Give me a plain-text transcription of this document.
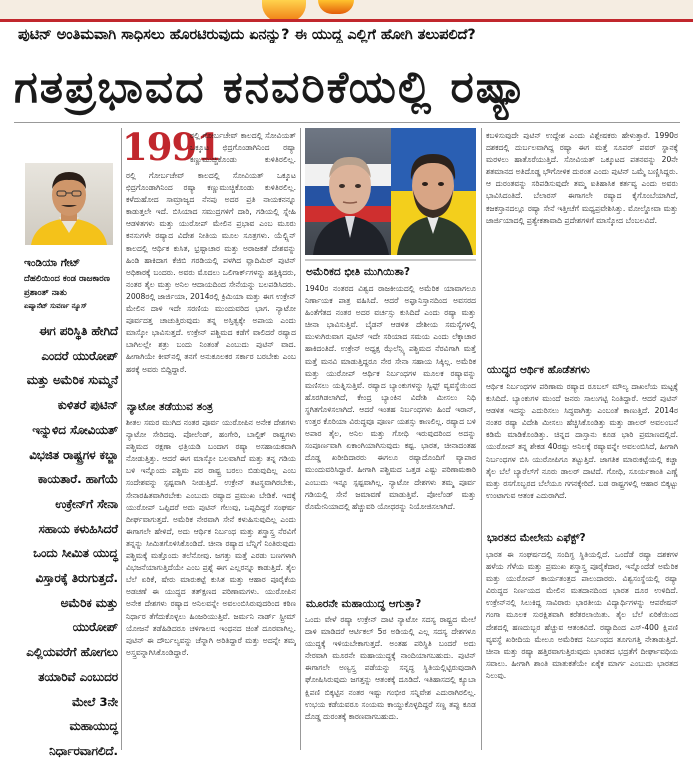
ಪುಟಿನ್ ಅಂತಿಮವಾಗಿ ಸಾಧಿಸಲು ಹೊರಟಿರುವುದು ಏನನ್ನು? ಈ ಯುದ್ಧ ಎಲ್ಲಿಗೆ ಹೋಗಿ ತಲುಪಲಿದೆ?
ಗತಪ್ರಭಾವದ ಕನವರಿಕೆಯಲ್ಲಿ ರಷ್ಯಾ
ಇಂಡಿಯಾ ಗೇಟ್
ದೆಹಲಿಯಿಂದ ಕಂಡ ರಾಜಕಾರಣ
ಪ್ರಶಾಂತ್ ನಾತು
ಏಷ್ಯಾನೆಟ್ ಸುವರ್ಣ ನ್ಯೂಸ್
ಈಗ ಪರಿಸ್ಥಿತಿ ಹೇಗಿದೆ ಎಂದರೆ ಯುರೋಪ್ ಮತ್ತು ಅಮೆರಿಕ ಸುಮ್ಮನೆ ಕುಳಿತರೆ ಪುಟಿನ್ ಇನ್ನುಳಿದ ಸೋವಿಯತ್ ವಿಭಜಿತ ರಾಷ್ಟ್ರಗಳ ಕಬ್ಜಾ ಕಾಯತಾರೆ. ಹಾಗೆಯೆ ಉಕ್ರೇನ್‌ಗೆ ಸೇನಾ ಸಹಾಯ ಕಳುಹಿಸಿದರೆ ಒಂದು ಸೀಮಿತ ಯುದ್ಧ ವಿಸ್ತಾರಕ್ಕೆ ತಿರುಗುತ್ತದೆ. ಅಮೆರಿಕ ಮತ್ತು ಯುರೋಪ್ ಎಲ್ಲಿಯವರೆಗೆ ಹೋಗಲು ತಯಾರಿವೆ ಎಂಬುದರ ಮೇಲೆ 3ನೇ ಮಹಾಯುದ್ಧ ನಿರ್ಧಾರವಾಗಲಿದೆ.
1991
ರಲ್ಲಿ ಗೋರ್ಬಚೇವ್ ಕಾಲದಲ್ಲಿ ಸೋವಿಯತ್ ಒಕ್ಕೂಟ ಛಿದ್ರಗೊಂಡಾಗಿನಿಂದ ರಷ್ಯಾ ಕಣ್ಣುಮುಚ್ಚಿಕೊಂಡು ಕುಳಿತಿರಲಿಲ್ಲ.
ರಲ್ಲಿ ಗೋರ್ಬಚೇವ್ ಕಾಲದಲ್ಲಿ ಸೋವಿಯತ್ ಒಕ್ಕೂಟ ಛಿದ್ರಗೊಂಡಾಗಿನಿಂದ ರಷ್ಯಾ ಕಣ್ಣುಮುಚ್ಚಿಕೊಂಡು ಕುಳಿತಿರಲಿಲ್ಲ. ಕಳೆದುಹೋದ ಸಾಮ್ರಾಜ್ಯದ ನೆನಪು ಅದರ ಪ್ರತಿ ನಾಯಕನನ್ನೂ ಕಾಡುತ್ತಲೇ ಇದೆ. ಬಿಸಿಯಾದ ಸಮುದ್ರಗಳಿಗೆ ದಾರಿ, ಗಡಿಯಲ್ಲಿ ಸ್ನೇಹಿ ಆಡಳಿತಗಳು ಮತ್ತು ಯುರೋಪ್ ಮೇಲಿನ ಪ್ರಭಾವ ಎಂಬ ಮೂರು ಕನಸುಗಳೇ ರಷ್ಯಾದ ವಿದೇಶ ನೀತಿಯ ಮೂಲ ಸೂತ್ರಗಳು. ಯೆಲ್ಟ್ಸಿನ್ ಕಾಲದಲ್ಲಿ ಆರ್ಥಿಕ ಕುಸಿತ, ಭ್ರಷ್ಟಾಚಾರ ಮತ್ತು ಅರಾಜಕತೆ ದೇಶವನ್ನು ಹಿಂಡಿ ಹಾಕಿದಾಗ ಕೆಜಿಬಿ ಗರಡಿಯಲ್ಲಿ ಪಳಗಿದ ವ್ಲಾದಿಮಿರ್ ಪುಟಿನ್ ಅಧಿಕಾರಕ್ಕೆ ಬಂದರು. ಅವರು ಮೊದಲು ಒಲಿಗಾರ್ಕ್‌ಗಳನ್ನು ಹತ್ತಿಕ್ಕಿದರು, ನಂತರ ತೈಲ ಮತ್ತು ಅನಿಲ ಆದಾಯದಿಂದ ಸೇನೆಯನ್ನು ಬಲಪಡಿಸಿದರು. 2008ರಲ್ಲಿ ಜಾರ್ಜಿಯಾ, 2014ರಲ್ಲಿ ಕ್ರಿಮಿಯಾ ಮತ್ತು ಈಗ ಉಕ್ರೇನ್ ಮೇಲಿನ ದಾಳಿ ಇದೇ ಸರಣಿಯ ಮುಂದುವರಿದ ಭಾಗ. ನ್ಯಾಟೋ ಪೂರ್ವದತ್ತ ಚಾಚುತ್ತಿರುವುದು ತನ್ನ ಅಸ್ತಿತ್ವಕ್ಕೇ ಅಪಾಯ ಎಂದು ಮಾಸ್ಕೋ ಭಾವಿಸುತ್ತದೆ. ಉಕ್ರೇನ್ ಪಶ್ಚಿಮದ ಕಡೆಗೆ ವಾಲಿದರೆ ರಷ್ಯಾದ ಬಾಗಿಲಲ್ಲೇ ಶತ್ರು ಬಂದು ನಿಂತಂತೆ ಎಂಬುದು ಪುಟಿನ್ ವಾದ. ಹೀಗಾಗಿಯೇ ಕೀವ್‌ನಲ್ಲಿ ತನಗೆ ಅನುಕೂಲಕರ ಸರ್ಕಾರ ಬರಬೇಕು ಎಂಬ ಹಠಕ್ಕೆ ಅವರು ಬಿದ್ದಿದ್ದಾರೆ.
ನ್ಯಾಟೋ ತಡೆಯುವ ತಂತ್ರ
ಶೀತಲ ಸಮರ ಮುಗಿದ ನಂತರ ಪೂರ್ವ ಯುರೋಪಿನ ಅನೇಕ ದೇಶಗಳು ನ್ಯಾಟೋ ಸೇರಿದವು. ಪೋಲೆಂಡ್, ಹಂಗೇರಿ, ಬಾಲ್ಟಿಕ್ ರಾಷ್ಟ್ರಗಳು ಪಶ್ಚಿಮದ ರಕ್ಷಣಾ ಛತ್ರಿಯಡಿ ಬಂದಾಗ ರಷ್ಯಾ ಅಸಹಾಯಕವಾಗಿ ನೋಡುತ್ತಿತ್ತು. ಆದರೆ ಈಗ ಮಾಸ್ಕೋ ಬಲವಾಗಿದೆ ಮತ್ತು ತನ್ನ ಗಡಿಯ ಬಳಿ ಇನ್ನೊಂದು ಪಶ್ಚಿಮ ಪರ ರಾಷ್ಟ್ರ ಬರಲು ಬಿಡುವುದಿಲ್ಲ ಎಂಬ ಸಂದೇಶವನ್ನು ಸ್ಪಷ್ಟವಾಗಿ ನೀಡುತ್ತಿದೆ. ಉಕ್ರೇನ್ ತಟಸ್ಥವಾಗಿರಬೇಕು, ಸೇನಾರಹಿತವಾಗಿರಬೇಕು ಎಂಬುದು ರಷ್ಯಾದ ಪ್ರಮುಖ ಬೇಡಿಕೆ. ಇದಕ್ಕೆ ಯುರೋಪ್ ಒಪ್ಪಿದರೆ ಅದು ಪುಟಿನ್ ಗೆಲುವು, ಒಪ್ಪದಿದ್ದರೆ ಸಂಘರ್ಷ ದೀರ್ಘವಾಗುತ್ತದೆ. ಅಮೆರಿಕ ನೇರವಾಗಿ ಸೇನೆ ಕಳುಹಿಸುವುದಿಲ್ಲ ಎಂದು ಈಗಾಗಲೇ ಹೇಳಿದೆ, ಅದು ಆರ್ಥಿಕ ನಿರ್ಬಂಧ ಮತ್ತು ಶಸ್ತ್ರಾಸ್ತ್ರ ನೆರವಿಗೆ ತನ್ನನ್ನು ಸೀಮಿತಗೊಳಿಸಿಕೊಂಡಿದೆ. ಚೀನಾ ರಷ್ಯಾದ ಬೆನ್ನಿಗೆ ನಿಂತಿರುವುದು ಪಶ್ಚಿಮಕ್ಕೆ ಮತ್ತೊಂದು ತಲೆನೋವು. ಜಗತ್ತು ಮತ್ತೆ ಎರಡು ಬಣಗಳಾಗಿ ವಿಭಜನೆಯಾಗುತ್ತಿದೆಯೇ ಎಂಬ ಪ್ರಶ್ನೆ ಈಗ ಎಲ್ಲರನ್ನೂ ಕಾಡುತ್ತಿದೆ. ತೈಲ ಬೆಲೆ ಏರಿಕೆ, ಷೇರು ಮಾರುಕಟ್ಟೆ ಕುಸಿತ ಮತ್ತು ಆಹಾರ ಪೂರೈಕೆಯ ಅಡಚಣೆ ಈ ಯುದ್ಧದ ತತ್‌ಕ್ಷಣದ ಪರಿಣಾಮಗಳು. ಯುರೋಪಿನ ಅನೇಕ ದೇಶಗಳು ರಷ್ಯಾದ ಅನಿಲವನ್ನೇ ಅವಲಂಬಿಸಿರುವುದರಿಂದ ಕಠಿಣ ನಿರ್ಧಾರ ತೆಗೆದುಕೊಳ್ಳಲು ಹಿಂಜರಿಯುತ್ತಿವೆ. ಜರ್ಮನಿ ನಾರ್ಡ್ ಸ್ಟ್ರೀಮ್ ಯೋಜನೆ ತಡೆಹಿಡಿದರೂ ಚಳಿಗಾಲದ ಇಂಧನದ ಚಿಂತೆ ದೂರವಾಗಿಲ್ಲ. ಪುಟಿನ್ ಈ ದೌರ್ಬಲ್ಯವನ್ನು ಚೆನ್ನಾಗಿ ಅರಿತಿದ್ದಾರೆ ಮತ್ತು ಅದನ್ನೇ ತಮ್ಮ ಅಸ್ತ್ರವನ್ನಾಗಿಸಿಕೊಂಡಿದ್ದಾರೆ.
ಅಮೆರಿಕದ ಭೀತಿ ಮುಗಿಯಿತಾ?
1940ರ ನಂತರದ ವಿಶ್ವದ ರಾಜಕೀಯದಲ್ಲಿ ಅಮೆರಿಕ ಯಾವಾಗಲೂ ನಿರ್ಣಾಯಕ ಪಾತ್ರ ವಹಿಸಿದೆ. ಆದರೆ ಅಫ್ಘಾನಿಸ್ತಾನದಿಂದ ಅವಸರದ ಹಿಂತೆಗೆತದ ನಂತರ ಅದರ ವರ್ಚಸ್ಸು ಕುಸಿದಿದೆ ಎಂದು ರಷ್ಯಾ ಮತ್ತು ಚೀನಾ ಭಾವಿಸುತ್ತಿವೆ. ಬೈಡನ್ ಆಡಳಿತ ದೇಶೀಯ ಸಮಸ್ಯೆಗಳಲ್ಲಿ ಮುಳುಗಿರುವಾಗ ಪುಟಿನ್ ಇದೇ ಸರಿಯಾದ ಸಮಯ ಎಂದು ಲೆಕ್ಕಾಚಾರ ಹಾಕಿದಂತಿದೆ. ಉಕ್ರೇನ್ ಅಧ್ಯಕ್ಷ ಝೆಲೆನ್ಸ್ಕಿ ಪಶ್ಚಿಮದ ನೆರವಿಗಾಗಿ ಮತ್ತೆ ಮತ್ತೆ ಮನವಿ ಮಾಡುತ್ತಿದ್ದರೂ ನೇರ ಸೇನಾ ಸಹಾಯ ಸಿಕ್ಕಿಲ್ಲ. ಅಮೆರಿಕ ಮತ್ತು ಯುರೋಪ್ ಆರ್ಥಿಕ ನಿರ್ಬಂಧಗಳ ಮೂಲಕ ರಷ್ಯಾವನ್ನು ಮಣಿಸಲು ಯತ್ನಿಸುತ್ತಿವೆ. ರಷ್ಯಾದ ಬ್ಯಾಂಕುಗಳನ್ನು ಸ್ವಿಫ್ಟ್ ವ್ಯವಸ್ಥೆಯಿಂದ ಹೊರಗಿಡಲಾಗಿದೆ, ಕೇಂದ್ರ ಬ್ಯಾಂಕಿನ ವಿದೇಶಿ ಮೀಸಲು ನಿಧಿ ಸ್ಥಗಿತಗೊಳಿಸಲಾಗಿದೆ. ಆದರೆ ಇಂತಹ ನಿರ್ಬಂಧಗಳು ಹಿಂದೆ ಇರಾನ್, ಉತ್ತರ ಕೊರಿಯಾ ವಿರುದ್ಧವೂ ಪೂರ್ಣ ಯಶಸ್ಸು ಕಾಣಲಿಲ್ಲ. ರಷ್ಯಾದ ಬಳಿ ಅಪಾರ ತೈಲ, ಅನಿಲ ಮತ್ತು ಗೋಧಿ ಇರುವುದರಿಂದ ಅದನ್ನು ಸಂಪೂರ್ಣವಾಗಿ ಏಕಾಂಗಿಯಾಗಿಸುವುದು ಕಷ್ಟ. ಭಾರತ, ಚೀನಾದಂತಹ ದೊಡ್ಡ ಖರೀದಿದಾರರು ಈಗಲೂ ರಷ್ಯಾದೊಂದಿಗೆ ವ್ಯಾಪಾರ ಮುಂದುವರಿಸಿದ್ದಾರೆ. ಹೀಗಾಗಿ ಪಶ್ಚಿಮದ ಒತ್ತಡ ಎಷ್ಟು ಪರಿಣಾಮಕಾರಿ ಎಂಬುದು ಇನ್ನೂ ಸ್ಪಷ್ಟವಾಗಿಲ್ಲ. ನ್ಯಾಟೋ ದೇಶಗಳು ತಮ್ಮ ಪೂರ್ವ ಗಡಿಯಲ್ಲಿ ಸೇನೆ ಜಮಾವಣೆ ಮಾಡುತ್ತಿವೆ. ಪೋಲೆಂಡ್ ಮತ್ತು ರೊಮೇನಿಯಾದಲ್ಲಿ ಹೆಚ್ಚುವರಿ ಯೋಧರನ್ನು ನಿಯೋಜಿಸಲಾಗಿದೆ.
ಮೂರನೇ ಮಹಾಯುದ್ಧ ಆಗುತ್ತಾ?
ಒಂದು ವೇಳೆ ರಷ್ಯಾ ಉಕ್ರೇನ್ ದಾಟಿ ನ್ಯಾಟೋ ಸದಸ್ಯ ರಾಷ್ಟ್ರದ ಮೇಲೆ ದಾಳಿ ಮಾಡಿದರೆ ಆರ್ಟಿಕಲ್ 5ರ ಅಡಿಯಲ್ಲಿ ಎಲ್ಲ ಸದಸ್ಯ ದೇಶಗಳೂ ಯುದ್ಧಕ್ಕೆ ಇಳಿಯಬೇಕಾಗುತ್ತದೆ. ಅಂತಹ ಪರಿಸ್ಥಿತಿ ಬಂದರೆ ಅದು ನೇರವಾಗಿ ಮೂರನೇ ಮಹಾಯುದ್ಧಕ್ಕೆ ನಾಂದಿಯಾಗಬಹುದು. ಪುಟಿನ್ ಈಗಾಗಲೇ ಅಣ್ವಸ್ತ್ರ ಪಡೆಯನ್ನು ಸನ್ನದ್ಧ ಸ್ಥಿತಿಯಲ್ಲಿಟ್ಟಿರುವುದಾಗಿ ಘೋಷಿಸಿರುವುದು ಜಗತ್ತನ್ನು ಆತಂಕಕ್ಕೆ ದೂಡಿದೆ. ಇತಿಹಾಸದಲ್ಲಿ ಕ್ಯೂಬಾ ಕ್ಷಿಪಣಿ ಬಿಕ್ಕಟ್ಟಿನ ನಂತರ ಇಷ್ಟು ಗಂಭೀರ ಸನ್ನಿವೇಶ ಎದುರಾಗಿರಲಿಲ್ಲ. ಉಭಯ ಕಡೆಯವರೂ ಸಂಯಮ ಕಾಯ್ದುಕೊಳ್ಳದಿದ್ದರೆ ಸಣ್ಣ ತಪ್ಪು ಕೂಡ ದೊಡ್ಡ ದುರಂತಕ್ಕೆ ಕಾರಣವಾಗಬಹುದು.
ಕಬಳಿಸುವುದೇ ಪುಟಿನ್ ಉದ್ದೇಶ ಎಂದು ವಿಶ್ಲೇಷಕರು ಹೇಳುತ್ತಾರೆ. 1990ರ ದಶಕದಲ್ಲಿ ದುರ್ಬಲವಾಗಿದ್ದ ರಷ್ಯಾ ಈಗ ಮತ್ತೆ ಸೂಪರ್ ಪವರ್ ಸ್ಥಾನಕ್ಕೆ ಮರಳಲು ಹಾತೊರೆಯುತ್ತಿದೆ. ಸೋವಿಯತ್ ಒಕ್ಕೂಟದ ಪತನವನ್ನು 20ನೇ ಶತಮಾನದ ಅತಿದೊಡ್ಡ ಭೌಗೋಳಿಕ ದುರಂತ ಎಂದು ಪುಟಿನ್ ಒಮ್ಮೆ ಬಣ್ಣಿಸಿದ್ದರು. ಆ ದುರಂತವನ್ನು ಸರಿಪಡಿಸುವುದೇ ತಮ್ಮ ಐತಿಹಾಸಿಕ ಕರ್ತವ್ಯ ಎಂದು ಅವರು ಭಾವಿಸಿದಂತಿದೆ. ಬೆಲಾರಸ್ ಈಗಾಗಲೇ ರಷ್ಯಾದ ಕೈಗೊಂಬೆಯಾಗಿದೆ, ಕಜಕಸ್ತಾನದಲ್ಲೂ ರಷ್ಯಾ ಸೇನೆ ಇತ್ತೀಚೆಗೆ ಮಧ್ಯಪ್ರವೇಶಿಸಿತ್ತು. ಮೋಲ್ಡೋವಾ ಮತ್ತು ಜಾರ್ಜಿಯಾದಲ್ಲಿ ಪ್ರತ್ಯೇಕತಾವಾದಿ ಪ್ರದೇಶಗಳಿಗೆ ಮಾಸ್ಕೋದ ಬೆಂಬಲವಿದೆ.
ಯುದ್ಧದ ಆರ್ಥಿಕ ಹೊಡೆತಗಳು
ಆರ್ಥಿಕ ನಿರ್ಬಂಧಗಳ ಪರಿಣಾಮ ರಷ್ಯಾದ ರೂಬಲ್ ಮೌಲ್ಯ ದಾಖಲೆಯ ಮಟ್ಟಕ್ಕೆ ಕುಸಿದಿದೆ. ಬ್ಯಾಂಕುಗಳ ಮುಂದೆ ಜನರು ಸಾಲುಗಟ್ಟಿ ನಿಂತಿದ್ದಾರೆ. ಆದರೆ ಪುಟಿನ್ ಆಡಳಿತ ಇದನ್ನು ಎದುರಿಸಲು ಸಿದ್ಧವಾಗಿತ್ತು ಎಂಬಂತೆ ಕಾಣುತ್ತಿದೆ. 2014ರ ನಂತರ ರಷ್ಯಾ ವಿದೇಶಿ ಮೀಸಲು ಹೆಚ್ಚಿಸಿಕೊಂಡಿತ್ತು ಮತ್ತು ಡಾಲರ್ ಅವಲಂಬನೆ ಕಡಿಮೆ ಮಾಡಿಕೊಂಡಿತ್ತು. ಚಿನ್ನದ ದಾಸ್ತಾನು ಕೂಡ ಭಾರಿ ಪ್ರಮಾಣದಲ್ಲಿದೆ. ಯುರೋಪ್ ತನ್ನ ಶೇಕಡ 40ರಷ್ಟು ಅನಿಲಕ್ಕೆ ರಷ್ಯಾವನ್ನೇ ಅವಲಂಬಿಸಿದೆ, ಹೀಗಾಗಿ ನಿರ್ಬಂಧಗಳ ಬಿಸಿ ಯುರೋಪಿಗೂ ತಟ್ಟುತ್ತಿದೆ. ಜಾಗತಿಕ ಮಾರುಕಟ್ಟೆಯಲ್ಲಿ ಕಚ್ಚಾ ತೈಲ ಬೆಲೆ ಬ್ಯಾರೆಲ್‌ಗೆ ನೂರು ಡಾಲರ್ ದಾಟಿದೆ. ಗೋಧಿ, ಸೂರ್ಯಕಾಂತಿ ಎಣ್ಣೆ ಮತ್ತು ರಸಗೊಬ್ಬರದ ಬೆಲೆಯೂ ಗಗನಕ್ಕೇರಿದೆ. ಬಡ ರಾಷ್ಟ್ರಗಳಲ್ಲಿ ಆಹಾರ ಬಿಕ್ಕಟ್ಟು ಉಂಟಾಗುವ ಆತಂಕ ಎದುರಾಗಿದೆ.
ಭಾರತದ ಮೇಲೇನು ಎಫೆಕ್ಟ್?
ಭಾರತ ಈ ಸಂಘರ್ಷದಲ್ಲಿ ಸಂದಿಗ್ಧ ಸ್ಥಿತಿಯಲ್ಲಿದೆ. ಒಂದೆಡೆ ರಷ್ಯಾ ದಶಕಗಳ ಹಳೆಯ ಗೆಳೆಯ ಮತ್ತು ಪ್ರಮುಖ ಶಸ್ತ್ರಾಸ್ತ್ರ ಪೂರೈಕೆದಾರ, ಇನ್ನೊಂದೆಡೆ ಅಮೆರಿಕ ಮತ್ತು ಯುರೋಪ್ ಕಾರ್ಯತಂತ್ರದ ಪಾಲುದಾರರು. ವಿಶ್ವಸಂಸ್ಥೆಯಲ್ಲಿ ರಷ್ಯಾ ವಿರುದ್ಧದ ನಿರ್ಣಯದ ಮೇಲಿನ ಮತದಾನದಿಂದ ಭಾರತ ದೂರ ಉಳಿದಿದೆ. ಉಕ್ರೇನ್‌ನಲ್ಲಿ ಸಿಲುಕಿದ್ದ ಸಾವಿರಾರು ಭಾರತೀಯ ವಿದ್ಯಾರ್ಥಿಗಳನ್ನು ಆಪರೇಷನ್ ಗಂಗಾ ಮೂಲಕ ಸುರಕ್ಷಿತವಾಗಿ ಕರೆತರಲಾಯಿತು. ತೈಲ ಬೆಲೆ ಏರಿಕೆಯಿಂದ ದೇಶದಲ್ಲಿ ಹಣದುಬ್ಬರ ಹೆಚ್ಚುವ ಆತಂಕವಿದೆ. ರಷ್ಯಾದಿಂದ ಎಸ್-400 ಕ್ಷಿಪಣಿ ವ್ಯವಸ್ಥೆ ಖರೀದಿಯ ಮೇಲೂ ಅಮೆರಿಕದ ನಿರ್ಬಂಧದ ತೂಗುಗತ್ತಿ ನೇತಾಡುತ್ತಿದೆ. ಚೀನಾ ಮತ್ತು ರಷ್ಯಾ ಹತ್ತಿರವಾಗುತ್ತಿರುವುದು ಭಾರತದ ಭದ್ರತೆಗೆ ದೀರ್ಘಾವಧಿಯ ಸವಾಲು. ಹೀಗಾಗಿ ಶಾಂತಿ ಮಾತುಕತೆಯೇ ಏಕೈಕ ಮಾರ್ಗ ಎಂಬುದು ಭಾರತದ ನಿಲುವು.
